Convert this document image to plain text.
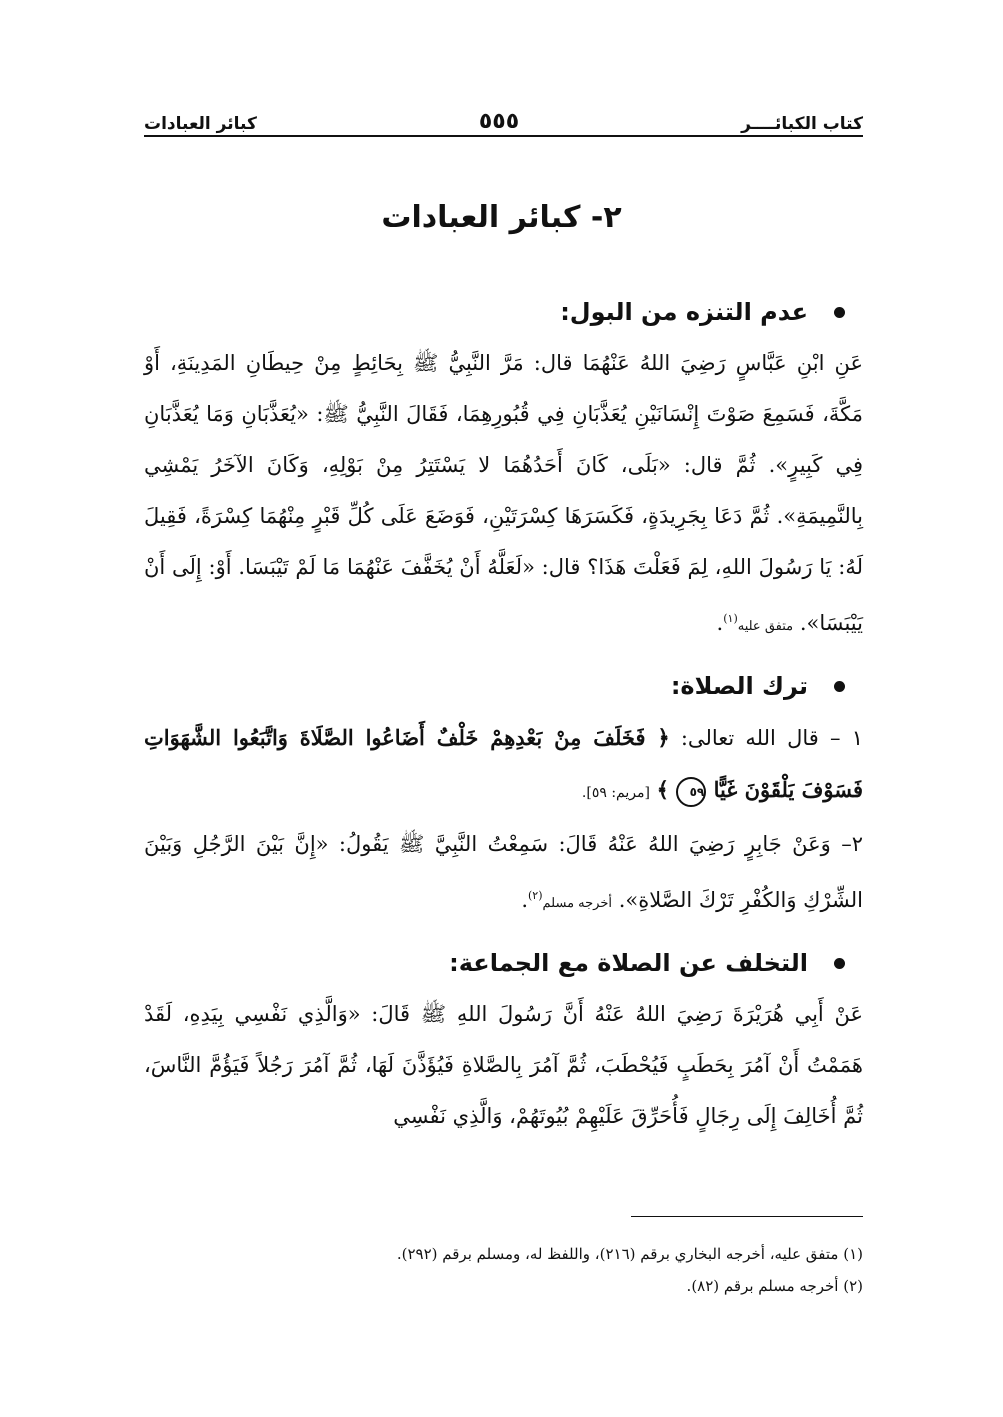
كتاب الكبائــــر
٥٥٥
كبائر العبادات
٢- كبائر العبادات
عدم التنزه من البول:

عَنِ ابْنِ عَبَّاسٍ رَضِيَ اللهُ عَنْهُمَا قال: مَرَّ النَّبِيُّ ﷺ بِحَائِطٍ مِنْ حِيطَانِ المَدِينَةِ، أَوْ مَكَّةَ، فَسَمِعَ صَوْتَ إِنْسَانَيْنِ يُعَذَّبَانِ فِي قُبُورِهِمَا، فَقَالَ النَّبِيُّ ﷺ: «يُعَذَّبَانِ وَمَا يُعَذَّبَانِ فِي كَبِيرٍ». ثُمَّ قال: «بَلَى، كَانَ أَحَدُهُمَا لا يَسْتَتِرُ مِنْ بَوْلِهِ، وَكَانَ الآخَرُ يَمْشِي بِالنَّمِيمَةِ». ثُمَّ دَعَا بِجَرِيدَةٍ، فَكَسَرَهَا كِسْرَتَيْنِ، فَوَضَعَ عَلَى كُلِّ قَبْرٍ مِنْهُمَا كِسْرَةً، فَقِيلَ لَهُ: يَا رَسُولَ اللهِ، لِمَ فَعَلْتَ هَذَا؟ قال: «لَعَلَّهُ أَنْ يُخَفَّفَ عَنْهُمَا مَا لَمْ تَيْبَسَا. أَوْ: إِلَى أَنْ يَيْبَسَا». متفق عليه$^{(١)}$.

ترك الصلاة:

١ – قال الله تعالى: ﴿ فَخَلَفَ مِنْ بَعْدِهِمْ خَلْفٌ أَضَاعُوا الصَّلَاةَ وَاتَّبَعُوا الشَّهَوَاتِ فَسَوْفَ يَلْقَوْنَ غَيًّا ٥٩ ﴾ [مريم: ٥٩].

٢– وَعَنْ جَابِرٍ رَضِيَ اللهُ عَنْهُ قَالَ: سَمِعْتُ النَّبِيَّ ﷺ يَقُولُ: «إِنَّ بَيْنَ الرَّجُلِ وَبَيْنَ الشِّرْكِ وَالكُفْرِ تَرْكَ الصَّلاةِ». أخرجه مسلم$^{(٢)}$.

التخلف عن الصلاة مع الجماعة:

عَنْ أَبِي هُرَيْرَةَ رَضِيَ اللهُ عَنْهُ أَنَّ رَسُولَ اللهِ ﷺ قَالَ: «وَالَّذِي نَفْسِي بِيَدِهِ، لَقَدْ هَمَمْتُ أَنْ آمُرَ بِحَطَبٍ فَيُحْطَبَ، ثُمَّ آمُرَ بِالصَّلاةِ فَيُؤَذَّنَ لَهَا، ثُمَّ آمُرَ رَجُلاً فَيَؤُمَّ النَّاسَ، ثُمَّ أُخَالِفَ إِلَى رِجَالٍ فَأُحَرِّقَ عَلَيْهِمْ بُيُوتَهُمْ، وَالَّذِي نَفْسِي

(١) متفق عليه، أخرجه البخاري برقم (٢١٦)، واللفظ له، ومسلم برقم (٢٩٢).

(٢) أخرجه مسلم برقم (٨٢).
